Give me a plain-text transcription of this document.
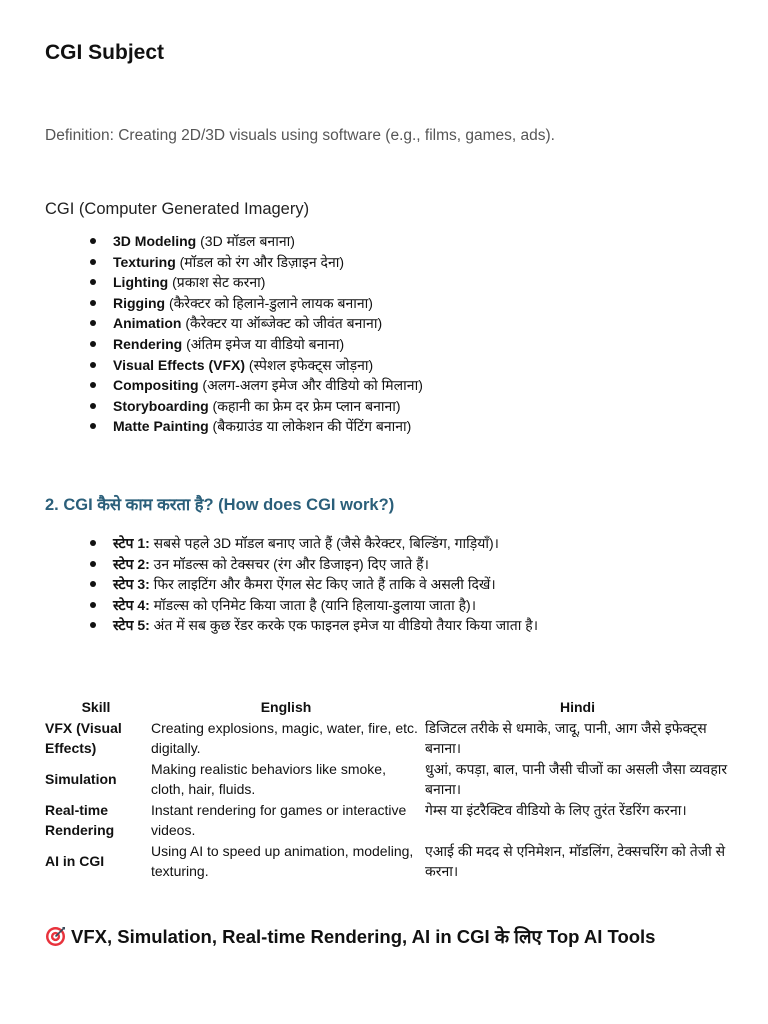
CGI Subject

Definition: Creating 2D/3D visuals using software (e.g., films, games, ads).

CGI (Computer Generated Imagery)

3D Modeling (3D मॉडल बनाना)
Texturing (मॉडल को रंग और डिज़ाइन देना)
Lighting (प्रकाश सेट करना)
Rigging (कैरेक्टर को हिलाने-डुलाने लायक बनाना)
Animation (कैरेक्टर या ऑब्जेक्ट को जीवंत बनाना)
Rendering (अंतिम इमेज या वीडियो बनाना)
Visual Effects (VFX) (स्पेशल इफेक्ट्स जोड़ना)
Compositing (अलग-अलग इमेज और वीडियो को मिलाना)
Storyboarding (कहानी का फ्रेम दर फ्रेम प्लान बनाना)
Matte Painting (बैकग्राउंड या लोकेशन की पेंटिंग बनाना)
2. CGI कैसे काम करता है? (How does CGI work?)
स्टेप 1: सबसे पहले 3D मॉडल बनाए जाते हैं (जैसे कैरेक्टर, बिल्डिंग, गाड़ियाँ)।
स्टेप 2: उन मॉडल्स को टेक्सचर (रंग और डिजाइन) दिए जाते हैं।
स्टेप 3: फिर लाइटिंग और कैमरा ऐंगल सेट किए जाते हैं ताकि वे असली दिखें।
स्टेप 4: मॉडल्स को एनिमेट किया जाता है (यानि हिलाया-डुलाया जाता है)।
स्टेप 5: अंत में सब कुछ रेंडर करके एक फाइनल इमेज या वीडियो तैयार किया जाता है।
Skill	English	Hindi
VFX (Visual Effects)	Creating explosions, magic, water, fire, etc. digitally.	डिजिटल तरीके से धमाके, जादू, पानी, आग जैसे इफेक्ट्स बनाना।
Simulation	Making realistic behaviors like smoke, cloth, hair, fluids.	धुआं, कपड़ा, बाल, पानी जैसी चीजों का असली जैसा व्यवहार बनाना।
Real-time Rendering	Instant rendering for games or interactive videos.	गेम्स या इंटरैक्टिव वीडियो के लिए तुरंत रेंडरिंग करना।
AI in CGI	Using AI to speed up animation, modeling, texturing.	एआई की मदद से एनिमेशन, मॉडलिंग, टेक्सचरिंग को तेजी से करना।
VFX, Simulation, Real-time Rendering, AI in CGI के लिए Top AI Tools
